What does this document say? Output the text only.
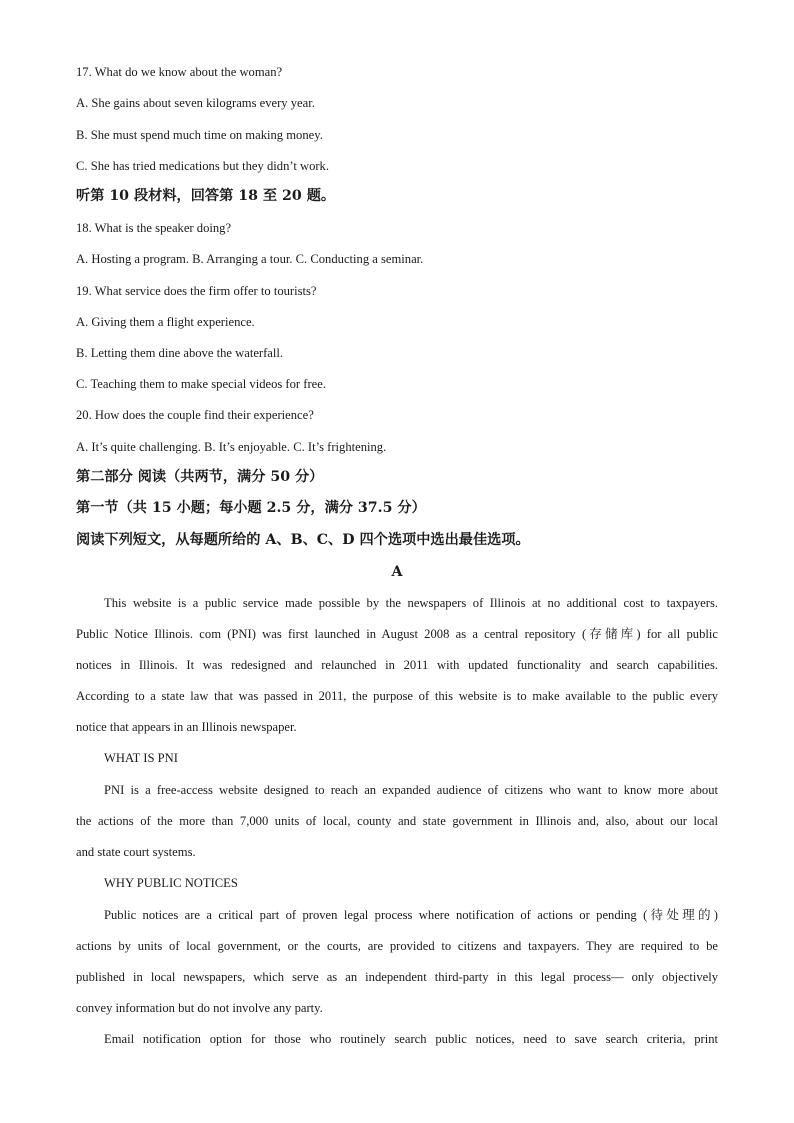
17. What do we know about the woman?
A. She gains about seven kilograms every year.
B. She must spend much time on making money.
C. She has tried medications but they didn’t work.
听第 10 段材料，回答第 18 至 20 题。
18. What is the speaker doing?
A. Hosting a program. B. Arranging a tour. C. Conducting a seminar.
19. What service does the firm offer to tourists?
A. Giving them a flight experience.
B. Letting them dine above the waterfall.
C. Teaching them to make special videos for free.
20. How does the couple find their experience?
A. It’s quite challenging. B. It’s enjoyable. C. It’s frightening.
第二部分 阅读（共两节，满分 50 分）
第一节（共 15 小题；每小题 2.5 分，满分 37.5 分）
阅读下列短文，从每题所给的 A、B、C、D 四个选项中选出最佳选项。
A
This website is a public service made possible by the newspapers of Illinois at no additional cost to taxpayers.
Public Notice Illinois. com (PNI) was first launched in August 2008 as a central repository (存储库) for all public
notices in Illinois. It was redesigned and relaunched in 2011 with updated functionality and search capabilities.
According to a state law that was passed in 2011, the purpose of this website is to make available to the public every
notice that appears in an Illinois newspaper.
WHAT IS PNI
PNI is a free-access website designed to reach an expanded audience of citizens who want to know more about
the actions of the more than 7,000 units of local, county and state government in Illinois and, also, about our local
and state court systems.
WHY PUBLIC NOTICES
Public notices are a critical part of proven legal process where notification of actions or pending (待处理的)
actions by units of local government, or the courts, are provided to citizens and taxpayers. They are required to be
published in local newspapers, which serve as an independent third-party in this legal process— only objectively
convey information but do not involve any party.
Email notification option for those who routinely search public notices, need to save search criteria, print
